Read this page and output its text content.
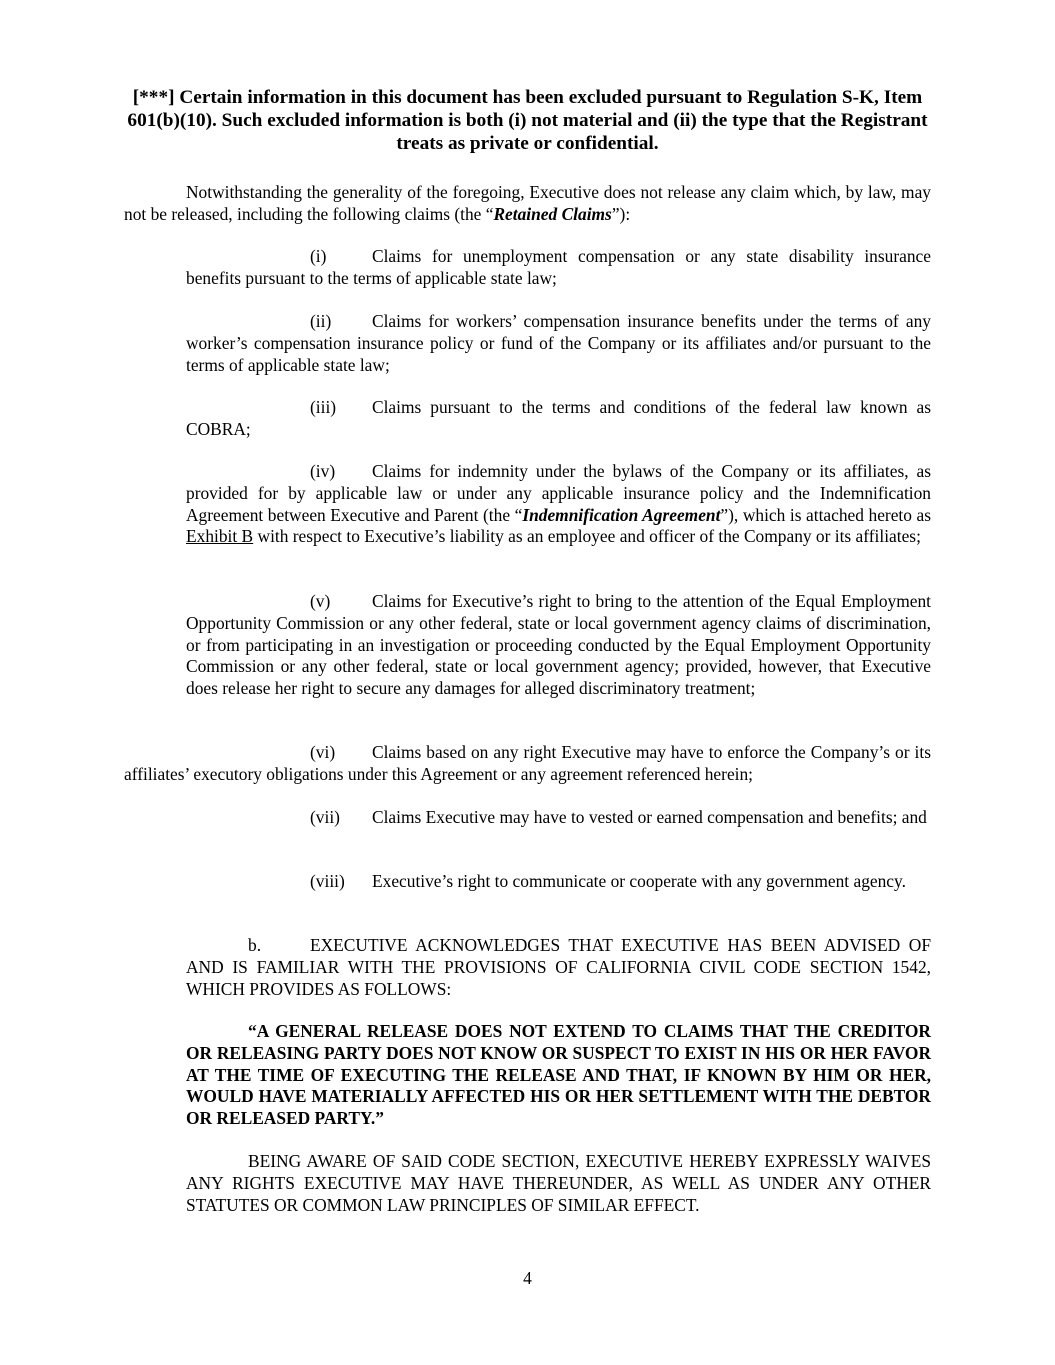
[***] Certain information in this document has been excluded pursuant to Regulation S-K, Item 601(b)(10). Such excluded information is both (i) not material and (ii) the type that the Registrant treats as private or confidential.
Notwithstanding the generality of the foregoing, Executive does not release any claim which, by law, may not be released, including the following claims (the “Retained Claims”):
(i)	Claims for unemployment compensation or any state disability insurance benefits pursuant to the terms of applicable state law;
(ii) Claims for workers’ compensation insurance benefits under the terms of any worker’s compensation insurance policy or fund of the Company or its affiliates and/or pursuant to the terms of applicable state law;
(iii) Claims pursuant to the terms and conditions of the federal law known as COBRA;
(iv) Claims for indemnity under the bylaws of the Company or its affiliates, as provided for by applicable law or under any applicable insurance policy and the Indemnification Agreement between Executive and Parent (the “Indemnification Agreement”), which is attached hereto as Exhibit B with respect to Executive’s liability as an employee and officer of the Company or its affiliates;
(v) Claims for Executive’s right to bring to the attention of the Equal Employment Opportunity Commission or any other federal, state or local government agency claims of discrimination, or from participating in an investigation or proceeding conducted by the Equal Employment Opportunity Commission or any other federal, state or local government agency; provided, however, that Executive does release her right to secure any damages for alleged discriminatory treatment;
(vi) Claims based on any right Executive may have to enforce the Company’s or its affiliates’ executory obligations under this Agreement or any agreement referenced herein;
(vii) Claims Executive may have to vested or earned compensation and benefits; and
(viii) Executive’s right to communicate or cooperate with any government agency.
b.	EXECUTIVE ACKNOWLEDGES THAT EXECUTIVE HAS BEEN ADVISED OF AND IS FAMILIAR WITH THE PROVISIONS OF CALIFORNIA CIVIL CODE SECTION 1542, WHICH PROVIDES AS FOLLOWS:
“A GENERAL RELEASE DOES NOT EXTEND TO CLAIMS THAT THE CREDITOR OR RELEASING PARTY DOES NOT KNOW OR SUSPECT TO EXIST IN HIS OR HER FAVOR AT THE TIME OF EXECUTING THE RELEASE AND THAT, IF KNOWN BY HIM OR HER, WOULD HAVE MATERIALLY AFFECTED HIS OR HER SETTLEMENT WITH THE DEBTOR OR RELEASED PARTY.”
BEING AWARE OF SAID CODE SECTION, EXECUTIVE HEREBY EXPRESSLY WAIVES ANY RIGHTS EXECUTIVE MAY HAVE THEREUNDER, AS WELL AS UNDER ANY OTHER STATUTES OR COMMON LAW PRINCIPLES OF SIMILAR EFFECT.
4
